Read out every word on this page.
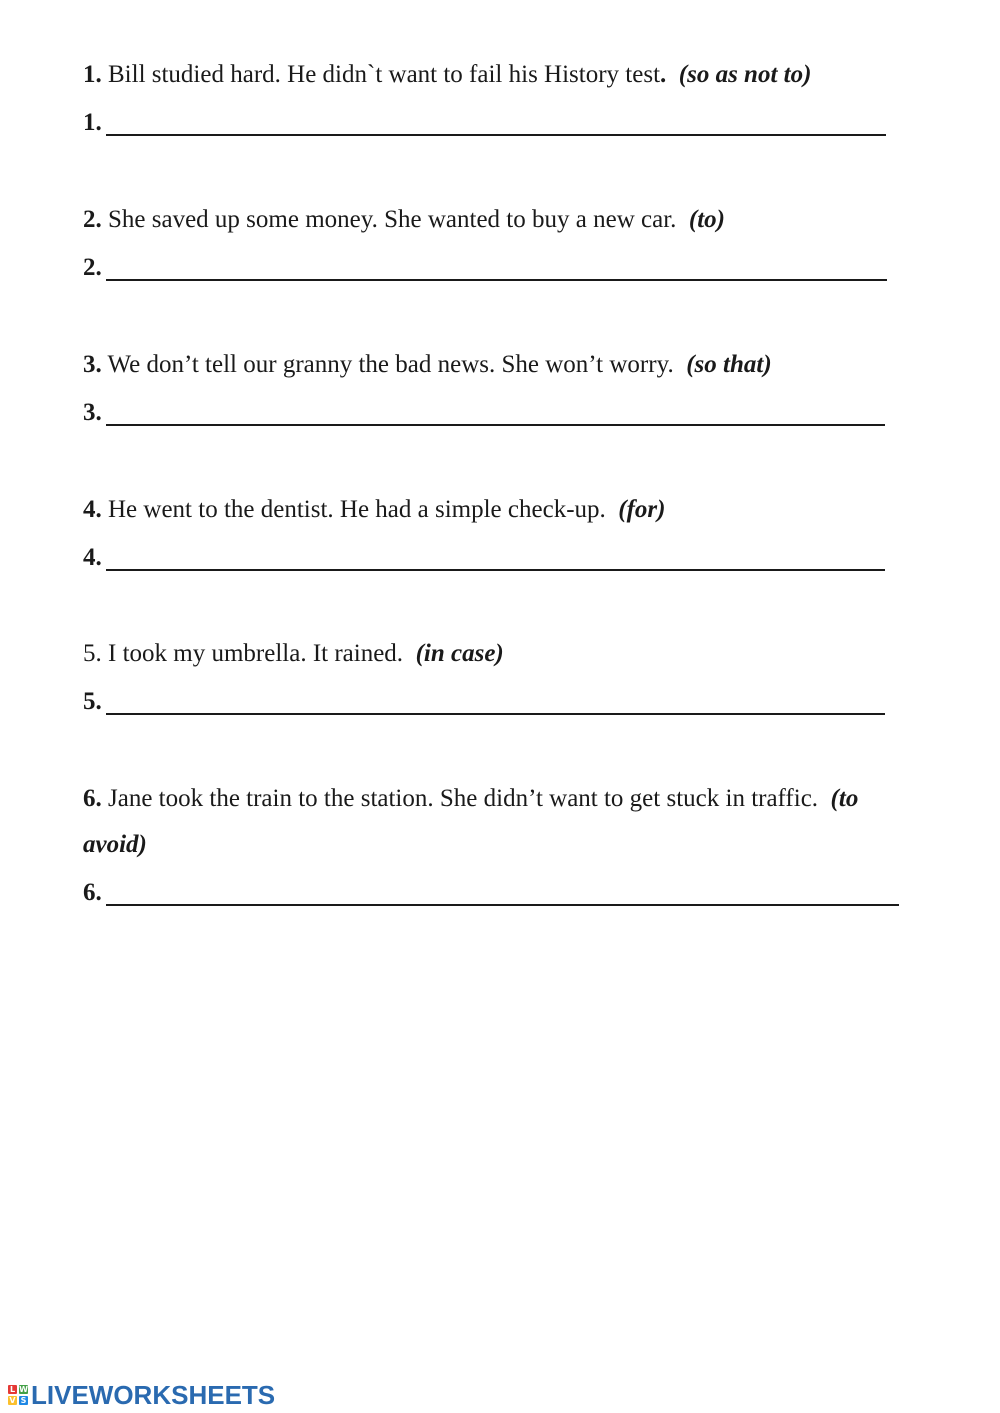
1. Bill studied hard. He didn`t want to fail his History test. (so as not to)
1.
2. She saved up some money. She wanted to buy a new car. (to)
2.
3. We don’t tell our granny the bad news. She won’t worry. (so that)
3.
4. He went to the dentist. He had a simple check-up. (for)
4.
5. I took my umbrella. It rained. (in case)
5.
6. Jane took the train to the station. She didn’t want to get stuck in traffic. (to
avoid)
6.
L W
V S LIVEWORKSHEETS
